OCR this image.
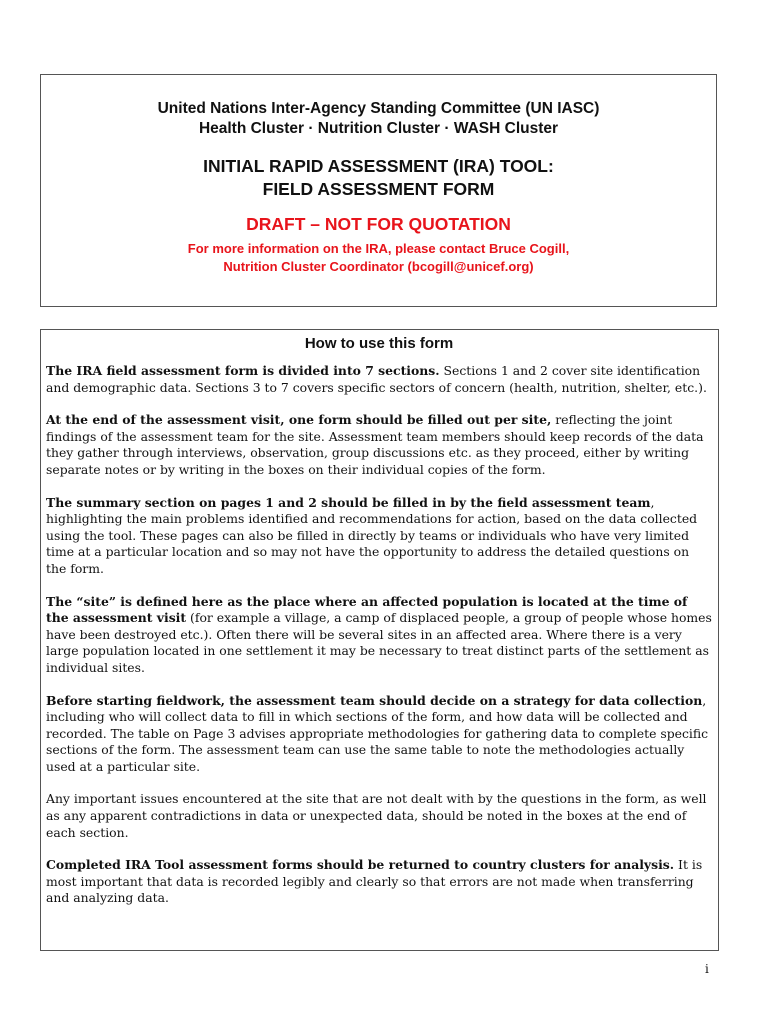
United Nations Inter-Agency Standing Committee (UN IASC)
Health Cluster · Nutrition Cluster · WASH Cluster
INITIAL RAPID ASSESSMENT (IRA) TOOL:
FIELD ASSESSMENT FORM
DRAFT – NOT FOR QUOTATION
For more information on the IRA, please contact Bruce Cogill,
Nutrition Cluster Coordinator (bcogill@unicef.org)
How to use this form

The IRA field assessment form is divided into 7 sections. Sections 1 and 2 cover site identification and demographic data. Sections 3 to 7 covers specific sectors of concern (health, nutrition, shelter, etc.).

At the end of the assessment visit, one form should be filled out per site, reflecting the joint findings of the assessment team for the site. Assessment team members should keep records of the data they gather through interviews, observation, group discussions etc. as they proceed, either by writing separate notes or by writing in the boxes on their individual copies of the form.

The summary section on pages 1 and 2 should be filled in by the field assessment team, highlighting the main problems identified and recommendations for action, based on the data collected using the tool. These pages can also be filled in directly by teams or individuals who have very limited time at a particular location and so may not have the opportunity to address the detailed questions on the form.

The “site” is defined here as the place where an affected population is located at the time of the assessment visit (for example a village, a camp of displaced people, a group of people whose homes have been destroyed etc.). Often there will be several sites in an affected area. Where there is a very large population located in one settlement it may be necessary to treat distinct parts of the settlement as individual sites.

Before starting fieldwork, the assessment team should decide on a strategy for data collection, including who will collect data to fill in which sections of the form, and how data will be collected and recorded. The table on Page 3 advises appropriate methodologies for gathering data to complete specific sections of the form. The assessment team can use the same table to note the methodologies actually used at a particular site.

Any important issues encountered at the site that are not dealt with by the questions in the form, as well as any apparent contradictions in data or unexpected data, should be noted in the boxes at the end of each section.

Completed IRA Tool assessment forms should be returned to country clusters for analysis. It is most important that data is recorded legibly and clearly so that errors are not made when transferring and analyzing data.

i
